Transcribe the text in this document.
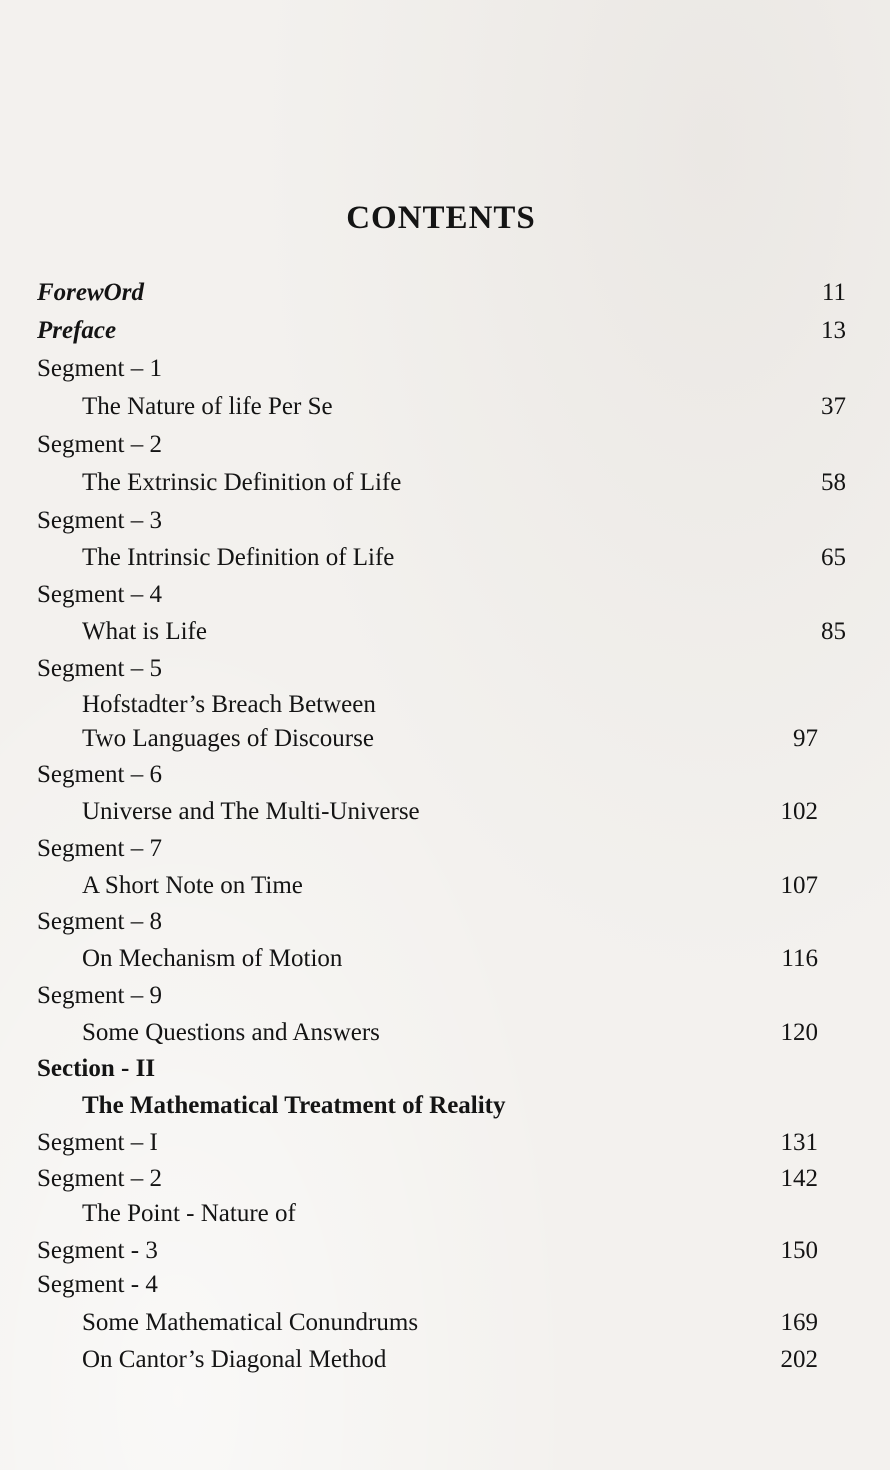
CONTENTS
ForewOrd	11
Preface	13
Segment – 1
The Nature of life Per Se	37
Segment – 2
The Extrinsic Definition of Life	58
Segment – 3
The Intrinsic Definition of Life	65
Segment – 4
What is Life	85
Segment – 5
Hofstadter’s Breach Between
Two Languages of Discourse	97
Segment – 6
Universe and The Multi-Universe	102
Segment – 7
A Short Note on Time	107
Segment – 8
On Mechanism of Motion	116
Segment – 9
Some Questions and Answers	120
Section - II
The Mathematical Treatment of Reality
Segment – I	131
Segment – 2	142
The Point - Nature of
Segment - 3	150
Segment - 4
Some Mathematical Conundrums	169
On Cantor’s Diagonal Method	202
